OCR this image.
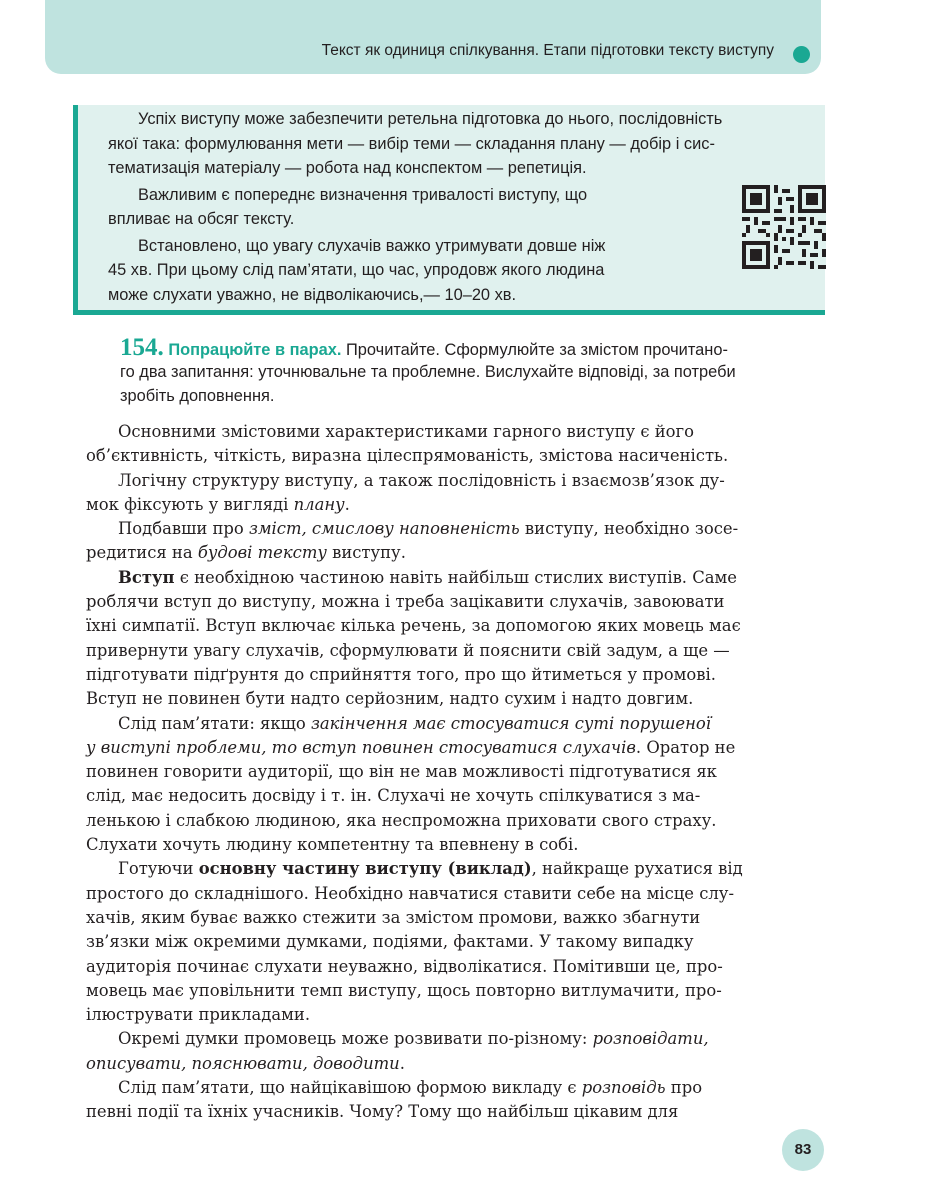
Текст як одиниця спілкування. Етапи підготовки тексту виступу
Успіх виступу може забезпечити ретельна підготовка до нього, послідовність
якої така: формулювання мети — вибір теми — складання плану — добір і сис-
тематизація матеріалу — робота над конспектом — репетиція.
Важливим є попереднє визначення тривалості виступу, що
впливає на обсяг тексту.
Встановлено, що увагу слухачів важко утримувати довше ніж
45 хв. При цьому слід пам’ятати, що час, упродовж якого людина
може слухати уважно, не відволікаючись,— 10–20 хв.
154. Попрацюйте в парах. Прочитайте. Сформулюйте за змістом прочитано-
го два запитання: уточнювальне та проблемне. Вислухайте відповіді, за потреби
зробіть доповнення.
Основними змістовими характеристиками гарного виступу є його
об’єктивність, чіткість, виразна цілеспрямованість, змістова насиченість.
Логічну структуру виступу, а також послідовність і взаємозв’язок ду-
мок фіксують у вигляді плану.
Подбавши про зміст, смислову наповненість виступу, необхідно зосе-
редитися на будові тексту виступу.
Вступ є необхідною частиною навіть найбільш стислих виступів. Саме
роблячи вступ до виступу, можна і треба зацікавити слухачів, завоювати
їхні симпатії. Вступ включає кілька речень, за допомогою яких мовець має
привернути увагу слухачів, сформулювати й пояснити свій задум, а ще —
підготувати підґрунтя до сприйняття того, про що йтиметься у промові.
Вступ не повинен бути надто серйозним, надто сухим і надто довгим.
Слід пам’ятати: якщо закінчення має стосуватися суті порушеної
у виступі проблеми, то вступ повинен стосуватися слухачів. Оратор не
повинен говорити аудиторії, що він не мав можливості підготуватися як
слід, має недосить досвіду і т. ін. Слухачі не хочуть спілкуватися з ма-
ленькою і слабкою людиною, яка неспроможна приховати свого страху.
Слухати хочуть людину компетентну та впевнену в собі.
Готуючи основну частину виступу (виклад), найкраще рухатися від
простого до складнішого. Необхідно навчатися ставити себе на місце слу-
хачів, яким буває важко стежити за змістом промови, важко збагнути
зв’язки між окремими думками, подіями, фактами. У такому випадку
аудиторія починає слухати неуважно, відволікатися. Помітивши це, про-
мовець має уповільнити темп виступу, щось повторно витлумачити, про-
ілюструвати прикладами.
Окремі думки промовець може розвивати по-різному: розповідати,
описувати, пояснювати, доводити.
Слід пам’ятати, що найцікавішою формою викладу є розповідь про
певні події та їхніх учасників. Чому? Тому що найбільш цікавим для
83
